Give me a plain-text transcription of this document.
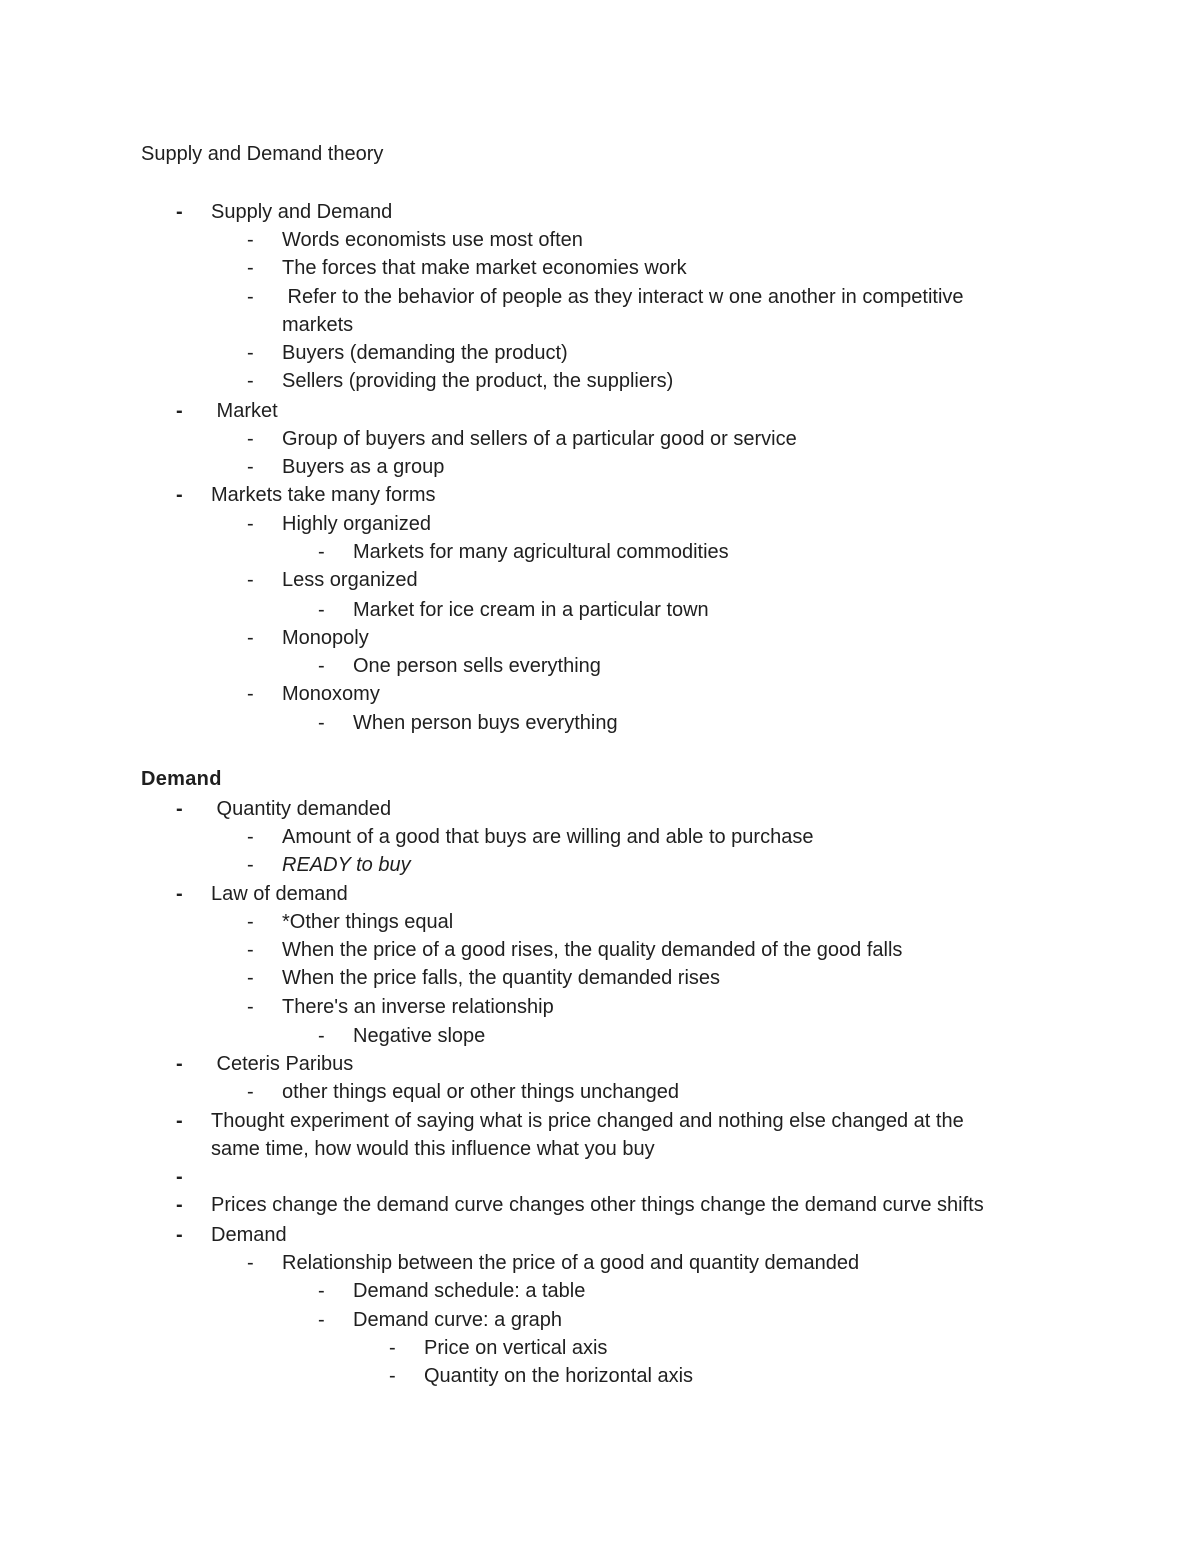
Supply and Demand theory
- Supply and Demand
- Words economists use most often
- The forces that make market economies work
- Refer to the behavior of people as they interact w one another in competitive
markets
- Buyers (demanding the product)
- Sellers (providing the product, the suppliers)
- Market
- Group of buyers and sellers of a particular good or service
- Buyers as a group
- Markets take many forms
- Highly organized
- Markets for many agricultural commodities
- Less organized
- Market for ice cream in a particular town
- Monopoly
- One person sells everything
- Monoxomy
- When person buys everything
Demand
- Quantity demanded
- Amount of a good that buys are willing and able to purchase
- READY to buy
- Law of demand
- *Other things equal
- When the price of a good rises, the quality demanded of the good falls
- When the price falls, the quantity demanded rises
- There's an inverse relationship
- Negative slope
- Ceteris Paribus
- other things equal or other things unchanged
- Thought experiment of saying what is price changed and nothing else changed at the
same time, how would this influence what you buy
-
- Prices change the demand curve changes other things change the demand curve shifts
- Demand
- Relationship between the price of a good and quantity demanded
- Demand schedule: a table
- Demand curve: a graph
- Price on vertical axis
- Quantity on the horizontal axis
